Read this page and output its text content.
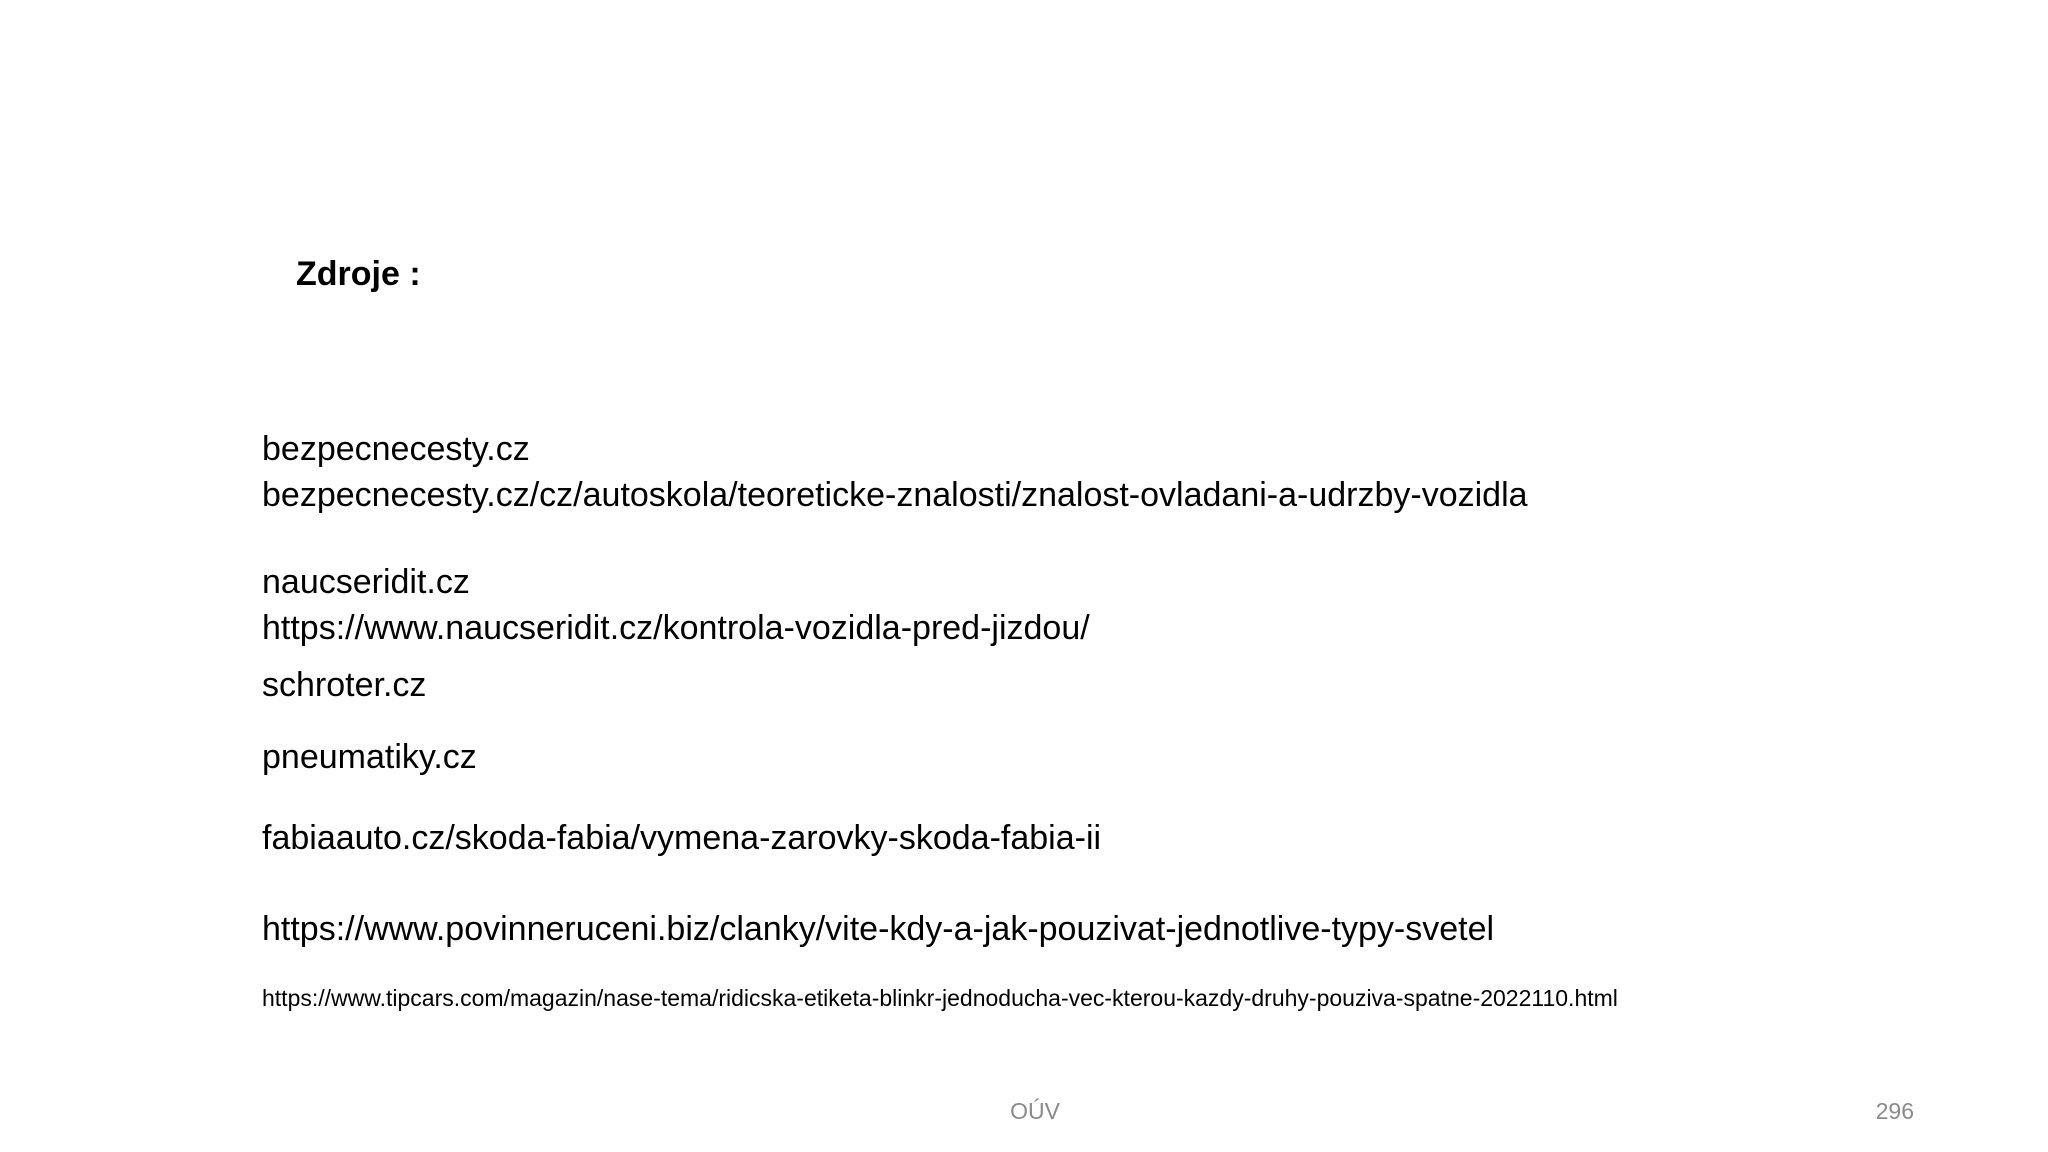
Zdroje :
bezpecnecesty.cz
bezpecnecesty.cz/cz/autoskola/teoreticke-znalosti/znalost-ovladani-a-udrzby-vozidla
naucseridit.cz
https://www.naucseridit.cz/kontrola-vozidla-pred-jizdou/
schroter.cz
pneumatiky.cz
fabiaauto.cz/skoda-fabia/vymena-zarovky-skoda-fabia-ii
https://www.povinneruceni.biz/clanky/vite-kdy-a-jak-pouzivat-jednotlive-typy-svetel
https://www.tipcars.com/magazin/nase-tema/ridicska-etiketa-blinkr-jednoducha-vec-kterou-kazdy-druhy-pouziva-spatne-2022110.html
OÚV	296
